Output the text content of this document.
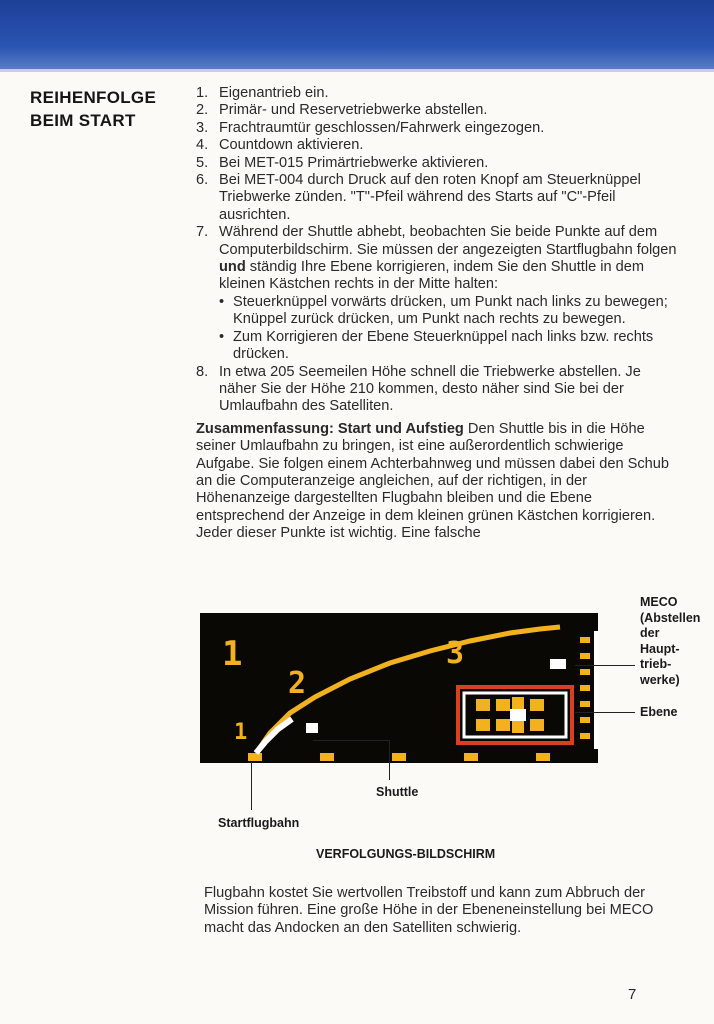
REIHENFOLGE
BEIM START
1. Eigenantrieb ein.
2. Primär- und Reservetriebwerke abstellen.
3. Frachtraumtür geschlossen/Fahrwerk eingezogen.
4. Countdown aktivieren.
5. Bei MET-015 Primärtriebwerke aktivieren.
6. Bei MET-004 durch Druck auf den roten Knopf am Steuerknüppel Triebwerke zünden. "T"-Pfeil während des Starts auf "C"-Pfeil ausrichten.
7. Während der Shuttle abhebt, beobachten Sie beide Punkte auf dem Computerbildschirm. Sie müssen der angezeigten Startflugbahn folgen und ständig Ihre Ebene korrigieren, indem Sie den Shuttle in dem kleinen Kästchen rechts in der Mitte halten:
• Steuerknüppel vorwärts drücken, um Punkt nach links zu bewegen; Knüppel zurück drücken, um Punkt nach rechts zu bewegen.
• Zum Korrigieren der Ebene Steuerknüppel nach links bzw. rechts drücken.
8. In etwa 205 Seemeilen Höhe schnell die Triebwerke abstellen. Je näher Sie der Höhe 210 kommen, desto näher sind Sie bei der Umlaufbahn des Satelliten.
Zusammenfassung: Start und Aufstieg Den Shuttle bis in die Höhe seiner Umlaufbahn zu bringen, ist eine außerordentlich schwierige Aufgabe. Sie folgen einem Achterbahnweg und müssen dabei den Schub an die Computeranzeige angleichen, auf der richtigen, in der Höhenanzeige dargestellten Flugbahn bleiben und die Ebene entsprechend der Anzeige in dem kleinen grünen Kästchen korrigieren. Jeder dieser Punkte ist wichtig. Eine falsche
1
2
3
1
MECO
(Abstellen
der
Haupt-
trieb-
werke)
Ebene
Shuttle
Startflugbahn
VERFOLGUNGS-BILDSCHIRM
Flugbahn kostet Sie wertvollen Treibstoff und kann zum Abbruch der Mission führen. Eine große Höhe in der Ebeneneinstellung bei MECO macht das Andocken an den Satelliten schwierig.
7
